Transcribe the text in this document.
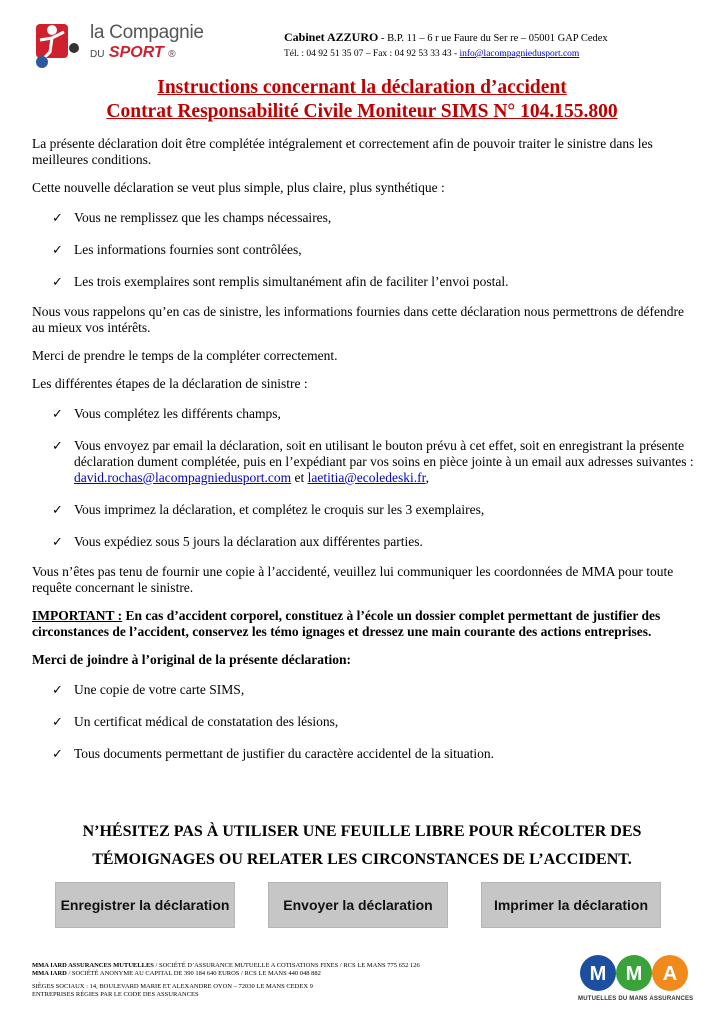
la Compagnie
DU SPORT ®
Cabinet AZZURO - B.P. 11 – 6 r ue Faure du Ser re – 05001 GAP Cedex
Tél. : 04 92 51 35 07 – Fax : 04 92 53 33 43 - info@lacompagniedusport.com
Instructions concernant la déclaration d’accident
Contrat Responsabilité Civile Moniteur SIMS N° 104.155.800

La présente déclaration doit être complétée intégralement et correctement afin de pouvoir traiter le sinistre dans les meilleures conditions.

Cette nouvelle déclaration se veut plus simple, plus claire, plus synthétique :

✓ Vous ne remplissez que les champs nécessaires,
✓ Les informations fournies sont contrôlées,
✓ Les trois exemplaires sont remplis simultanément afin de faciliter l’envoi postal.

Nous vous rappelons qu’en cas de sinistre, les informations fournies dans cette déclaration nous permettrons de défendre au mieux vos intérêts.

Merci de prendre le temps de la compléter correctement.

Les différentes étapes de la déclaration de sinistre :

✓ Vous complétez les différents champs,
✓ Vous envoyez par email la déclaration, soit en utilisant le bouton prévu à cet effet, soit en enregistrant la présente déclaration dument complétée, puis en l’expédiant par vos soins en pièce jointe à un email aux adresses suivantes : david.rochas@lacompagniedusport.com et laetitia@ecoledeski.fr,
✓ Vous imprimez la déclaration, et complétez le croquis sur les 3 exemplaires,
✓ Vous expédiez sous 5 jours la déclaration aux différentes parties.

Vous n’êtes pas tenu de fournir une copie à l’accidenté, veuillez lui communiquer les coordonnées de MMA pour toute requête concernant le sinistre.

IMPORTANT : En cas d’accident corporel, constituez à l’école un dossier complet permettant de justifier des circonstances de l’accident, conservez les témo ignages et dressez une main courante des actions entreprises.

Merci de joindre à l’original de la présente déclaration:

✓ Une copie de votre carte SIMS,
✓ Un certificat médical de constatation des lésions,
✓ Tous documents permettant de justifier du caractère accidentel de la situation.
N’HÉSITEZ PAS À UTILISER UNE FEUILLE LIBRE POUR RÉCOLTER DES
TÉMOIGNAGES OU RELATER LES CIRCONSTANCES DE L’ACCIDENT.
Enregistrer la déclaration	Envoyer la déclaration	Imprimer la déclaration
MMA IARD ASSURANCES MUTUELLES / SOCIÉTÉ D’ASSURANCE MUTUELLE A COTISATIONS FIXES / RCS LE MANS 775 652 126
MMA IARD / SOCIÉTÉ ANONYME AU CAPITAL DE 390 184 640 EUROS / RCS LE MANS 440 048 882
SIÈGES SOCIAUX : 14, BOULEVARD MARIE ET ALEXANDRE OYON – 72030 LE MANS CEDEX 9
ENTREPRISES RÉGIES PAR LE CODE DES ASSURANCES
M M A
MUTUELLES DU MANS ASSURANCES
